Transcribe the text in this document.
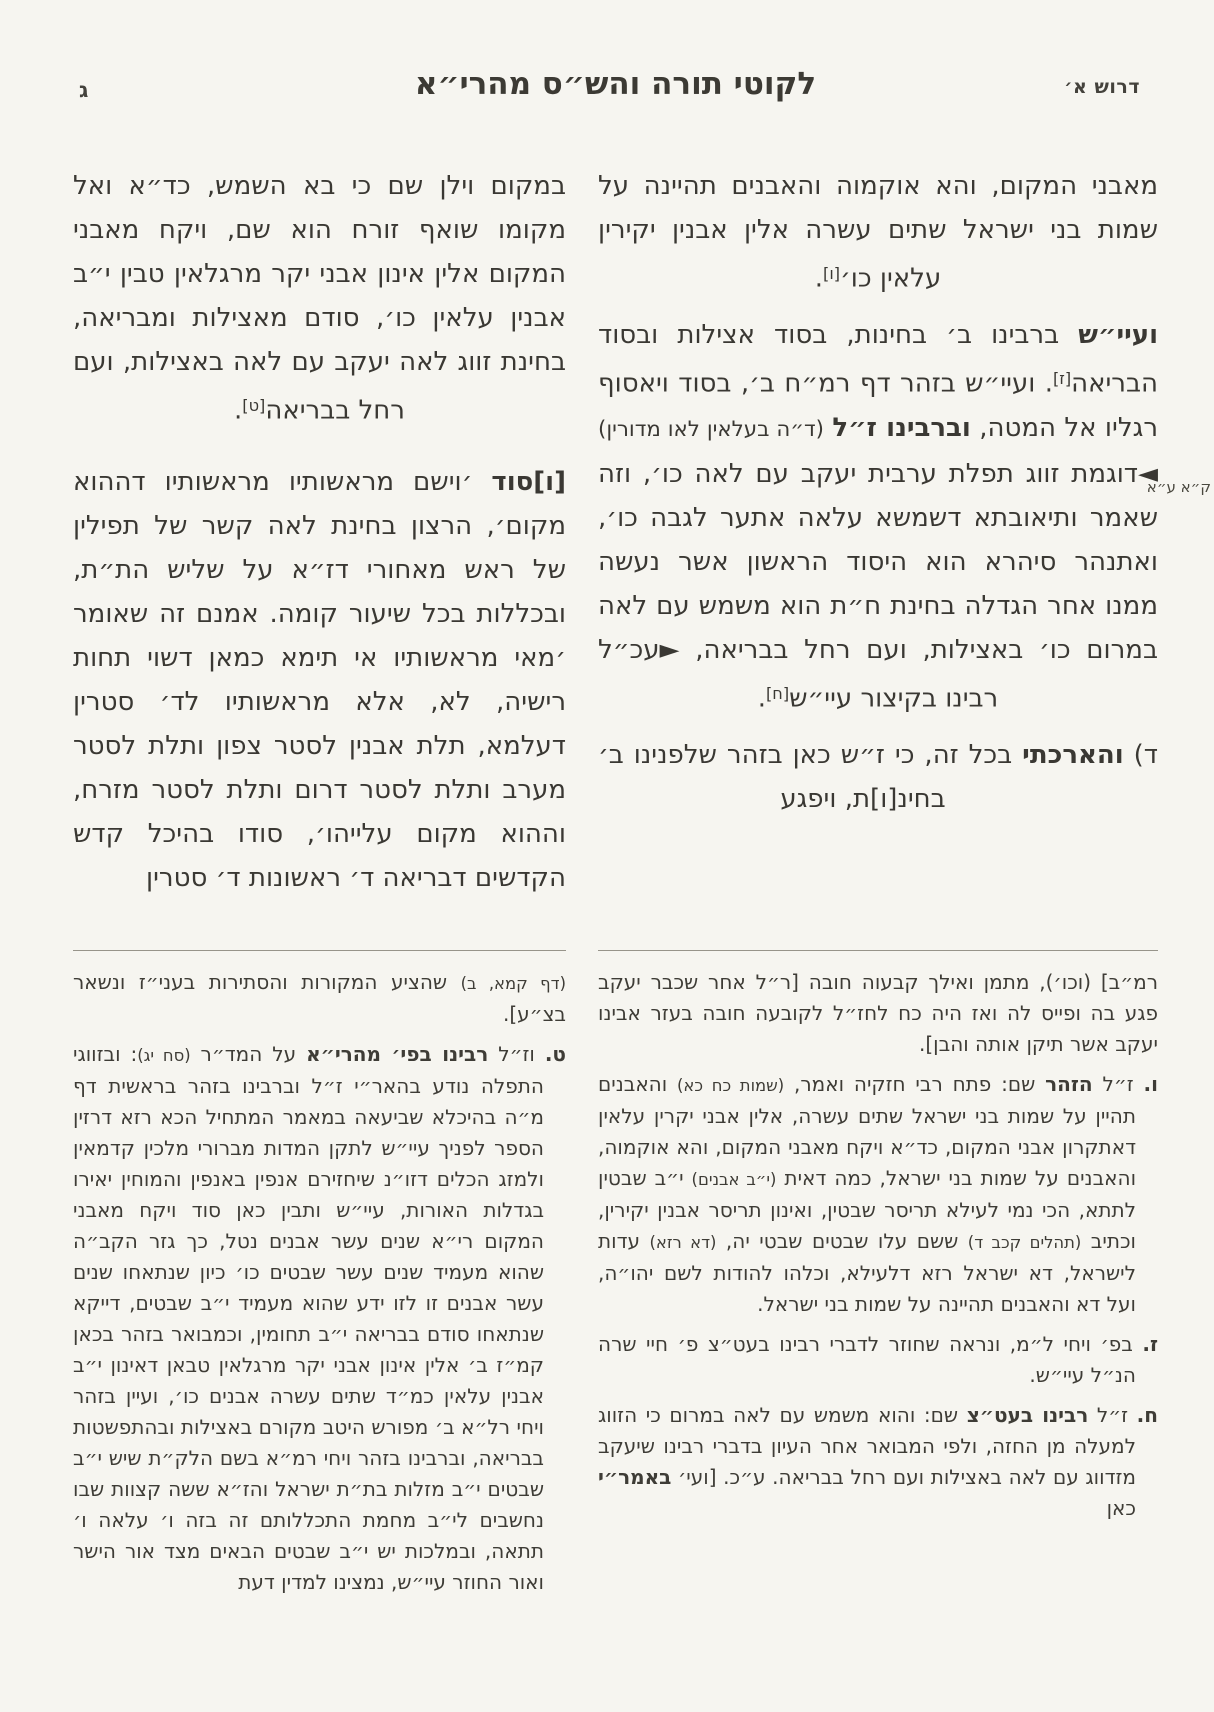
דרוש א׳
לקוטי תורה והש״ס מהרי״א
ג
ק״א ע״א

מאבני המקום, והא אוקמוה והאבנים תהיינה על שמות בני ישראל שתים עשרה אלין אבנין יקירין עלאין כו׳[ו].

ועיי״ש ברבינו ב׳ בחינות, בסוד אצילות ובסוד הבריאה[ז]. ועיי״ש בזהר דף רמ״ח ב׳, בסוד ויאסוף רגליו אל המטה, וברבינו ז״ל (ד״ה בעלאין לאו מדורין) ◄דוגמת זווג תפלת ערבית יעקב עם לאה כו׳, וזה שאמר ותיאובתא דשמשא עלאה אתער לגבה כו׳, ואתנהר סיהרא הוא היסוד הראשון אשר נעשה ממנו אחר הגדלה בחינת ח״ת הוא משמש עם לאה במרום כו׳ באצילות, ועם רחל בבריאה, ►עכ״ל רבינו בקיצור עיי״ש[ח].

ד) והארכתי בכל זה, כי ז״ש כאן בזהר שלפנינו ב׳ בחינ[ו]ת, ויפגע

רמ״ב] (וכו׳), מתמן ואילך קבעוה חובה [ר״ל אחר שכבר יעקב פגע בה ופייס לה ואז היה כח לחז״ל לקובעה חובה בעזר אבינו יעקב אשר תיקן אותה והבן].

ו. ז״ל הזהר שם: פתח רבי חזקיה ואמר, (שמות כח כא) והאבנים תהיין על שמות בני ישראל שתים עשרה, אלין אבני יקרין עלאין דאתקרון אבני המקום, כד״א ויקח מאבני המקום, והא אוקמוה, והאבנים על שמות בני ישראל, כמה דאית (י״ב אבנים) י״ב שבטין לתתא, הכי נמי לעילא תריסר שבטין, ואינון תריסר אבנין יקירין, וכתיב (תהלים קכב ד) ששם עלו שבטים שבטי יה, (דא רזא) עדות לישראל, דא ישראל רזא דלעילא, וכלהו להודות לשם יהו״ה, ועל דא והאבנים תהיינה על שמות בני ישראל.

ז. בפ׳ ויחי ל״מ, ונראה שחוזר לדברי רבינו בעט״צ פ׳ חיי שרה הנ״ל עיי״ש.

ח. ז״ל רבינו בעט״צ שם: והוא משמש עם לאה במרום כי הזווג למעלה מן החזה, ולפי המבואר אחר העיון בדברי רבינו שיעקב מזדווג עם לאה באצילות ועם רחל בבריאה. ע״כ. [ועי׳ באמר״י כאן

במקום וילן שם כי בא השמש, כד״א ואל מקומו שואף זורח הוא שם, ויקח מאבני המקום אלין אינון אבני יקר מרגלאין טבין י״ב אבנין עלאין כו׳, סודם מאצילות ומבריאה, בחינת זווג לאה יעקב עם לאה באצילות, ועם רחל בבריאה[ט].

[ו]סוד ׳וישם מראשותיו מראשותיו דההוא מקום׳, הרצון בחינת לאה קשר של תפילין של ראש מאחורי דז״א על שליש הת״ת, ובכללות בכל שיעור קומה. אמנם זה שאומר ׳מאי מראשותיו אי תימא כמאן דשוי תחות רישיה, לא, אלא מראשותיו לד׳ סטרין דעלמא, תלת אבנין לסטר צפון ותלת לסטר מערב ותלת לסטר דרום ותלת לסטר מזרח, וההוא מקום עלייהו׳, סודו בהיכל קדש הקדשים דבריאה ד׳ ראשונות ד׳ סטרין

(דף קמא, ב) שהציע המקורות והסתירות בעני״ז ונשאר בצ״ע].

ט. וז״ל רבינו בפי׳ מהרי״א על המד״ר (סח יג): ובזווגי התפלה נודע בהאר״י ז״ל וברבינו בזהר בראשית דף מ״ה בהיכלא שביעאה במאמר המתחיל הכא רזא דרזין הספר לפניך עיי״ש לתקן המדות מברורי מלכין קדמאין ולמזג הכלים דזו״נ שיחזירם אנפין באנפין והמוחין יאירו בגדלות האורות, עיי״ש ותבין כאן סוד ויקח מאבני המקום רי״א שנים עשר אבנים נטל, כך גזר הקב״ה שהוא מעמיד שנים עשר שבטים כו׳ כיון שנתאחו שנים עשר אבנים זו לזו ידע שהוא מעמיד י״ב שבטים, דייקא שנתאחו סודם בבריאה י״ב תחומין, וכמבואר בזהר בכאן קמ״ז ב׳ אלין אינון אבני יקר מרגלאין טבאן דאינון י״ב אבנין עלאין כמ״ד שתים עשרה אבנים כו׳, ועיין בזהר ויחי רל״א ב׳ מפורש היטב מקורם באצילות ובהתפשטות בבריאה, וברבינו בזהר ויחי רמ״א בשם הלק״ת שיש י״ב שבטים י״ב מזלות בת״ת ישראל והז״א ששה קצוות שבו נחשבים לי״ב מחמת התכללותם זה בזה ו׳ עלאה ו׳ תתאה, ובמלכות יש י״ב שבטים הבאים מצד אור הישר ואור החוזר עיי״ש, נמצינו למדין דעת
